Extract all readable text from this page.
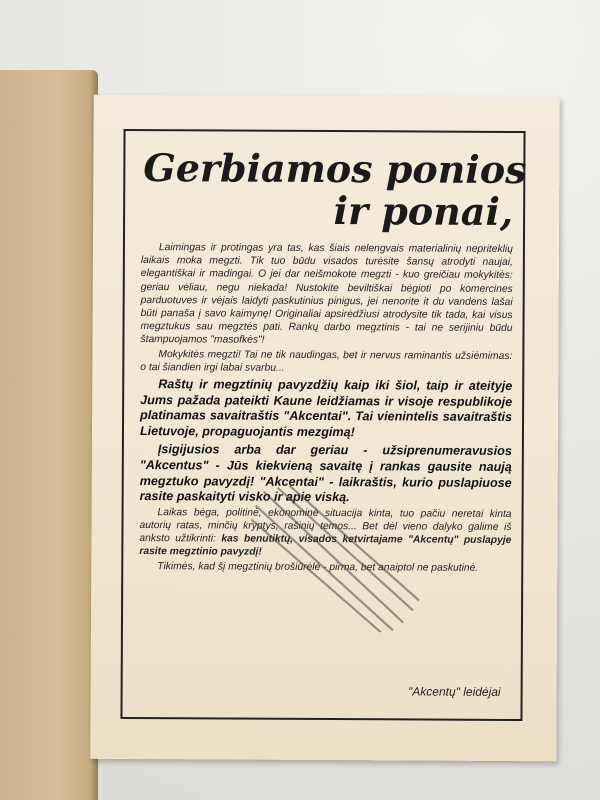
Gerbiamos ponios
ir ponai,

Laimingas ir protingas yra tas, kas šiais nelengvais materialinių nepriteklių laikais moka megzti. Tik tuo būdu visados turėsite šansų atrodyti naujai, elegantiškai ir madingai. O jei dar neišmokote megzti - kuo greičiau mokykitės: geriau vėliau, negu niekada! Nustokite beviltiškai bėgioti po komercines parduotuves ir vėjais laidyti paskutinius pinigus, jei nenorite it du vandens lašai būti panaša į savo kaimynę! Originaliai apsirėdžiusi atrodysite tik tada, kai visus megztukus sau megztės pati. Rankų darbo megztinis - tai ne serijiniu būdu štampuojamos "masofkės"!

Mokykitės megzti! Tai ne tik naudingas, bet ir nervus raminantis užsiėmimas: o tai šiandien irgi labai svarbu...

Raštų ir megztinių pavyzdžių kaip iki šiol, taip ir ateityje Jums pažada pateikti Kaune leidžiamas ir visoje respublikoje platinamas savaitraštis "Akcentai". Tai vienintelis savaitraštis Lietuvoje, propaguojantis mezgimą!

Įsigijusios arba dar geriau - užsiprenumeravusios "Akcentus" - Jūs kiekvieną savaitę į rankas gausite naują megztuko pavyzdį! "Akcentai" - laikraštis, kurio puslapiuose rasite paskaityti visko ir apie viską.

Laikas bėga, politinė, ekonominė situacija kinta, tuo pačiu neretai kinta autorių ratas, minčių kryptys, rašinių temos... Bet dėl vieno dalyko galime iš anksto užtikrinti: kas benutiktų, visados ketvirtajame "Akcentų" puslapyje rasite megztinio pavyzdį!

Tikimės, kad šį megztinių brošiūrėlė - pirma, bet anaiptol ne paskutinė.

"Akcentų" leidėjai
